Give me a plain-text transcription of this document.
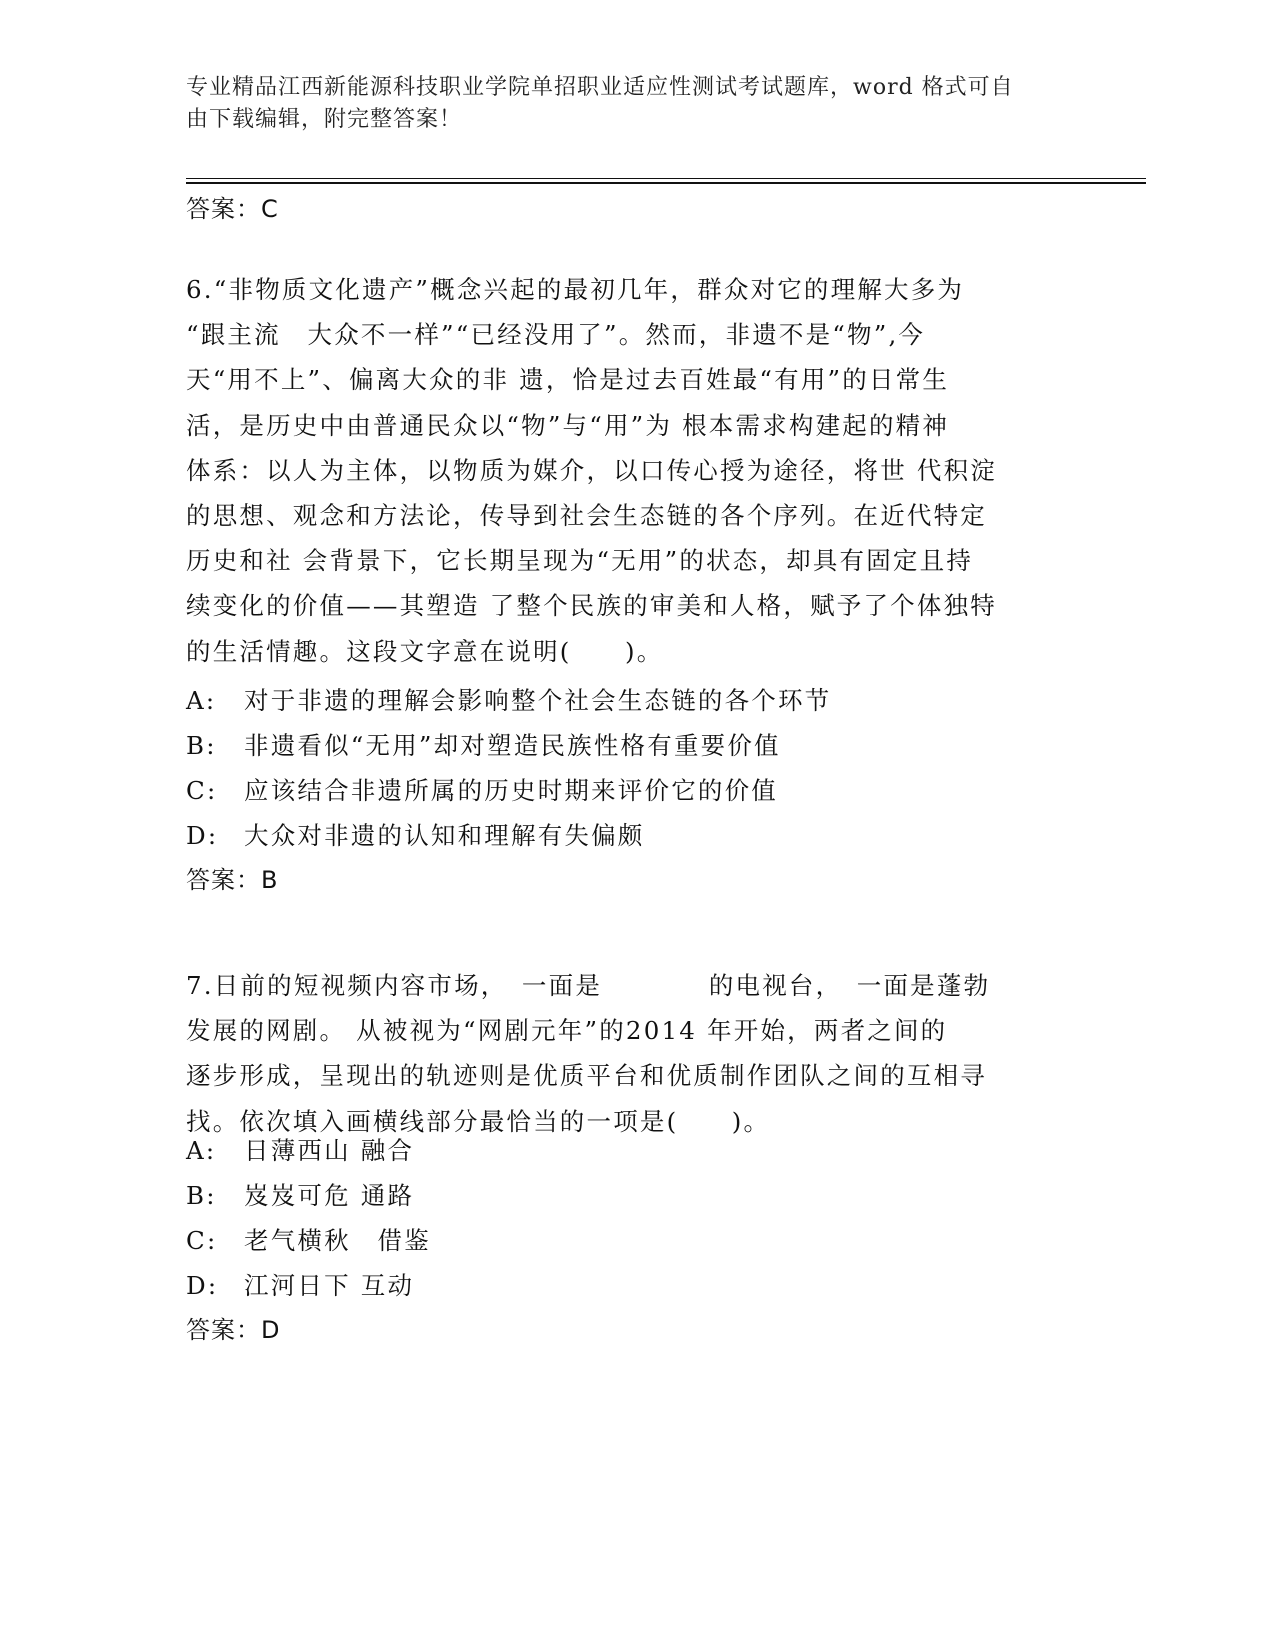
专业精品江西新能源科技职业学院单招职业适应性测试考试题库，word 格式可自
由下载编辑，附完整答案！
答案：C

6.“非物质文化遗产”概念兴起的最初几年，群众对它的理解大多为

“跟主流　大众不一样”“已经没用了”。然而，非遗不是“物”,今

天“用不上”、偏离大众的非 遗，恰是过去百姓最“有用”的日常生

活，是历史中由普通民众以“物”与“用”为 根本需求构建起的精神

体系：以人为主体，以物质为媒介，以口传心授为途径，将世 代积淀

的思想、观念和方法论，传导到社会生态链的各个序列。在近代特定

历史和社 会背景下，它长期呈现为“无用”的状态，却具有固定且持

续变化的价值——其塑造 了整个民族的审美和人格，赋予了个体独特

的生活情趣。这段文字意在说明(　　)。

A: 对于非遗的理解会影响整个社会生态链的各个环节
B: 非遗看似“无用”却对塑造民族性格有重要价值
C: 应该结合非遗所属的历史时期来评价它的价值
D: 大众对非遗的认知和理解有失偏颇
答案：B

7.日前的短视频内容市场，　一面是　　　　的电视台，　一面是蓬勃

发展的网剧。 从被视为“网剧元年”的2014 年开始，两者之间的

逐步形成，呈现出的轨迹则是优质平台和优质制作团队之间的互相寻

找。依次填入画横线部分最恰当的一项是(　　)。

A: 日薄西山 融合
B: 岌岌可危 通路
C: 老气横秋　借鉴
D: 江河日下 互动
答案：D
